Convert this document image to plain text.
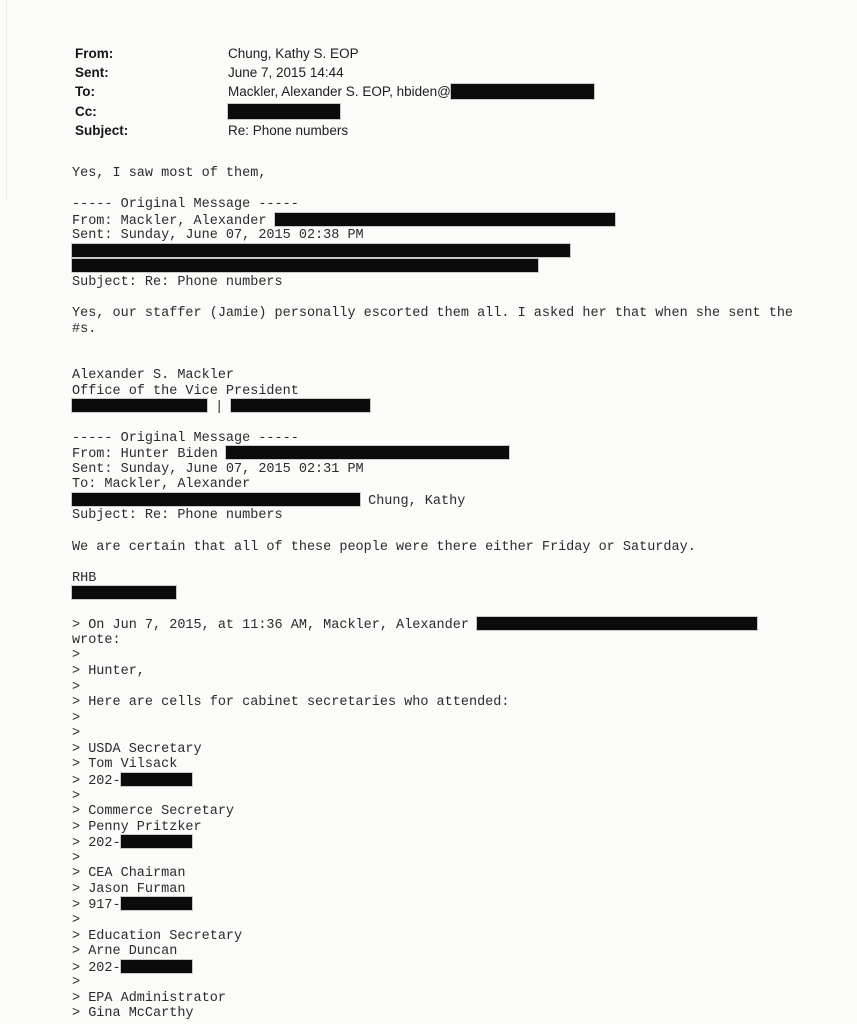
From:	Chung, Kathy S. EOP
Sent:	June 7, 2015 14:44
To:	Mackler, Alexander S. EOP, hbiden@
Cc:
Subject:	Re: Phone numbers
Yes, I saw most of them,
----- Original Message -----
From: Mackler, Alexander
Sent: Sunday, June 07, 2015 02:38 PM
Subject: Re: Phone numbers
Yes, our staffer (Jamie) personally escorted them all. I asked her that when she sent the
#s.
Alexander S. Mackler
Office of the Vice President
|
----- Original Message -----
From: Hunter Biden
Sent: Sunday, June 07, 2015 02:31 PM
To: Mackler, Alexander
Chung, Kathy
Subject: Re: Phone numbers
We are certain that all of these people were there either Friday or Saturday.
RHB
> On Jun 7, 2015, at 11:36 AM, Mackler, Alexander
wrote:
>
> Hunter,
>
> Here are cells for cabinet secretaries who attended:
>
>
> USDA Secretary
> Tom Vilsack
> 202-
>
> Commerce Secretary
> Penny Pritzker
> 202-
>
> CEA Chairman
> Jason Furman
> 917-
>
> Education Secretary
> Arne Duncan
> 202-
>
> EPA Administrator
> Gina McCarthy
